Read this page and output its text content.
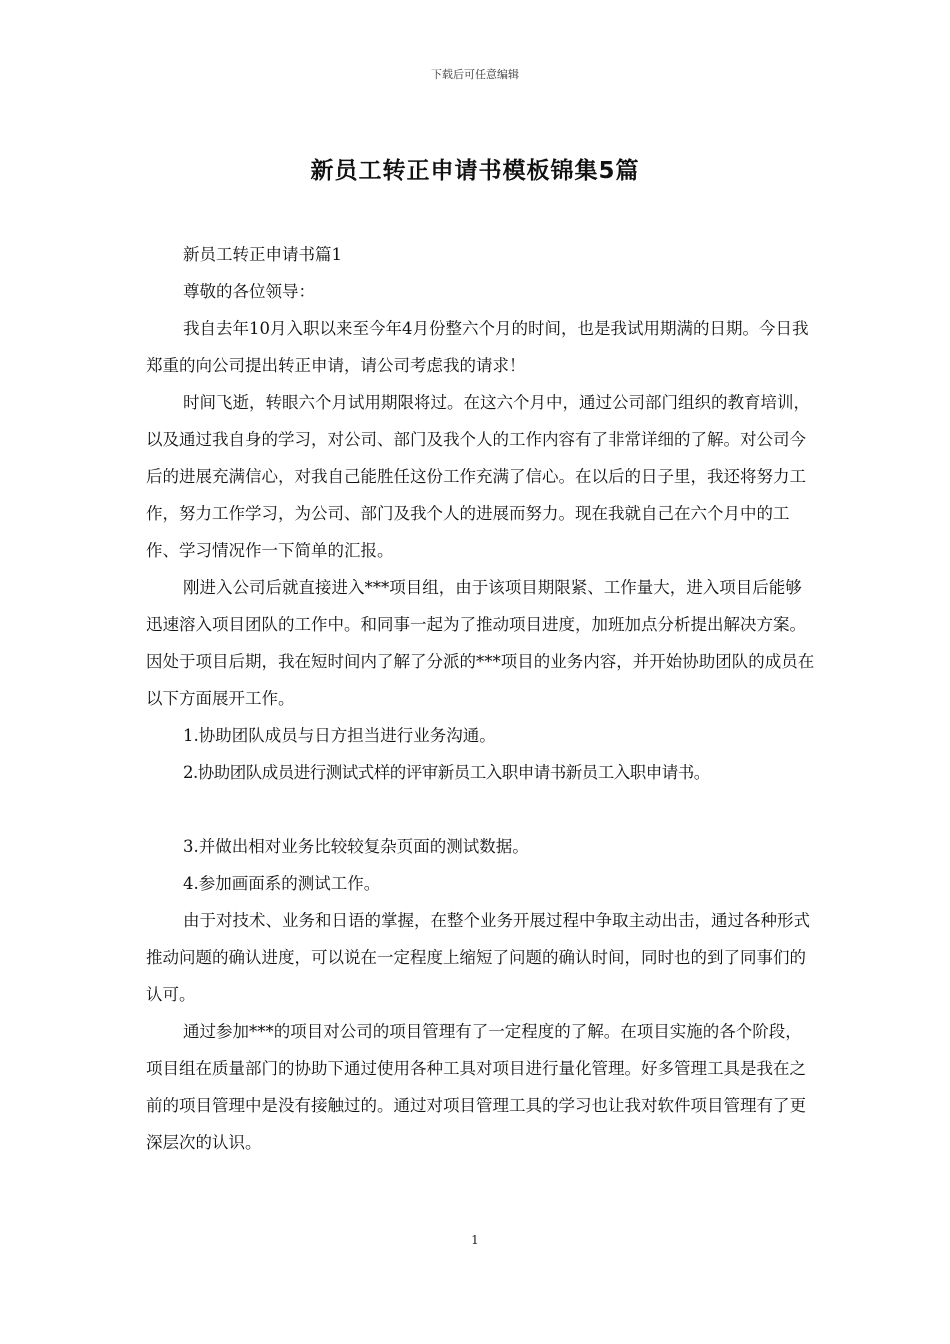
下载后可任意编辑
新员工转正申请书模板锦集5篇

新员工转正申请书篇1

尊敬的各位领导：

我自去年10月入职以来至今年4月份整六个月的时间，也是我试用期满的日期。今日我郑重的向公司提出转正申请，请公司考虑我的请求！

时间飞逝，转眼六个月试用期限将过。在这六个月中，通过公司部门组织的教育培训，以及通过我自身的学习，对公司、部门及我个人的工作内容有了非常详细的了解。对公司今后的进展充满信心，对我自己能胜任这份工作充满了信心。在以后的日子里，我还将努力工作，努力工作学习，为公司、部门及我个人的进展而努力。现在我就自己在六个月中的工作、学习情况作一下简单的汇报。

刚进入公司后就直接进入***项目组，由于该项目期限紧、工作量大，进入项目后能够迅速溶入项目团队的工作中。和同事一起为了推动项目进度，加班加点分析提出解决方案。因处于项目后期，我在短时间内了解了分派的***项目的业务内容，并开始协助团队的成员在以下方面展开工作。

1.协助团队成员与日方担当进行业务沟通。

2.协助团队成员进行测试式样的评审新员工入职申请书新员工入职申请书。

3.并做出相对业务比较较复杂页面的测试数据。

4.参加画面系的测试工作。

由于对技术、业务和日语的掌握，在整个业务开展过程中争取主动出击，通过各种形式推动问题的确认进度，可以说在一定程度上缩短了问题的确认时间，同时也的到了同事们的认可。

通过参加***的项目对公司的项目管理有了一定程度的了解。在项目实施的各个阶段，项目组在质量部门的协助下通过使用各种工具对项目进行量化管理。好多管理工具是我在之前的项目管理中是没有接触过的。通过对项目管理工具的学习也让我对软件项目管理有了更深层次的认识。

1
